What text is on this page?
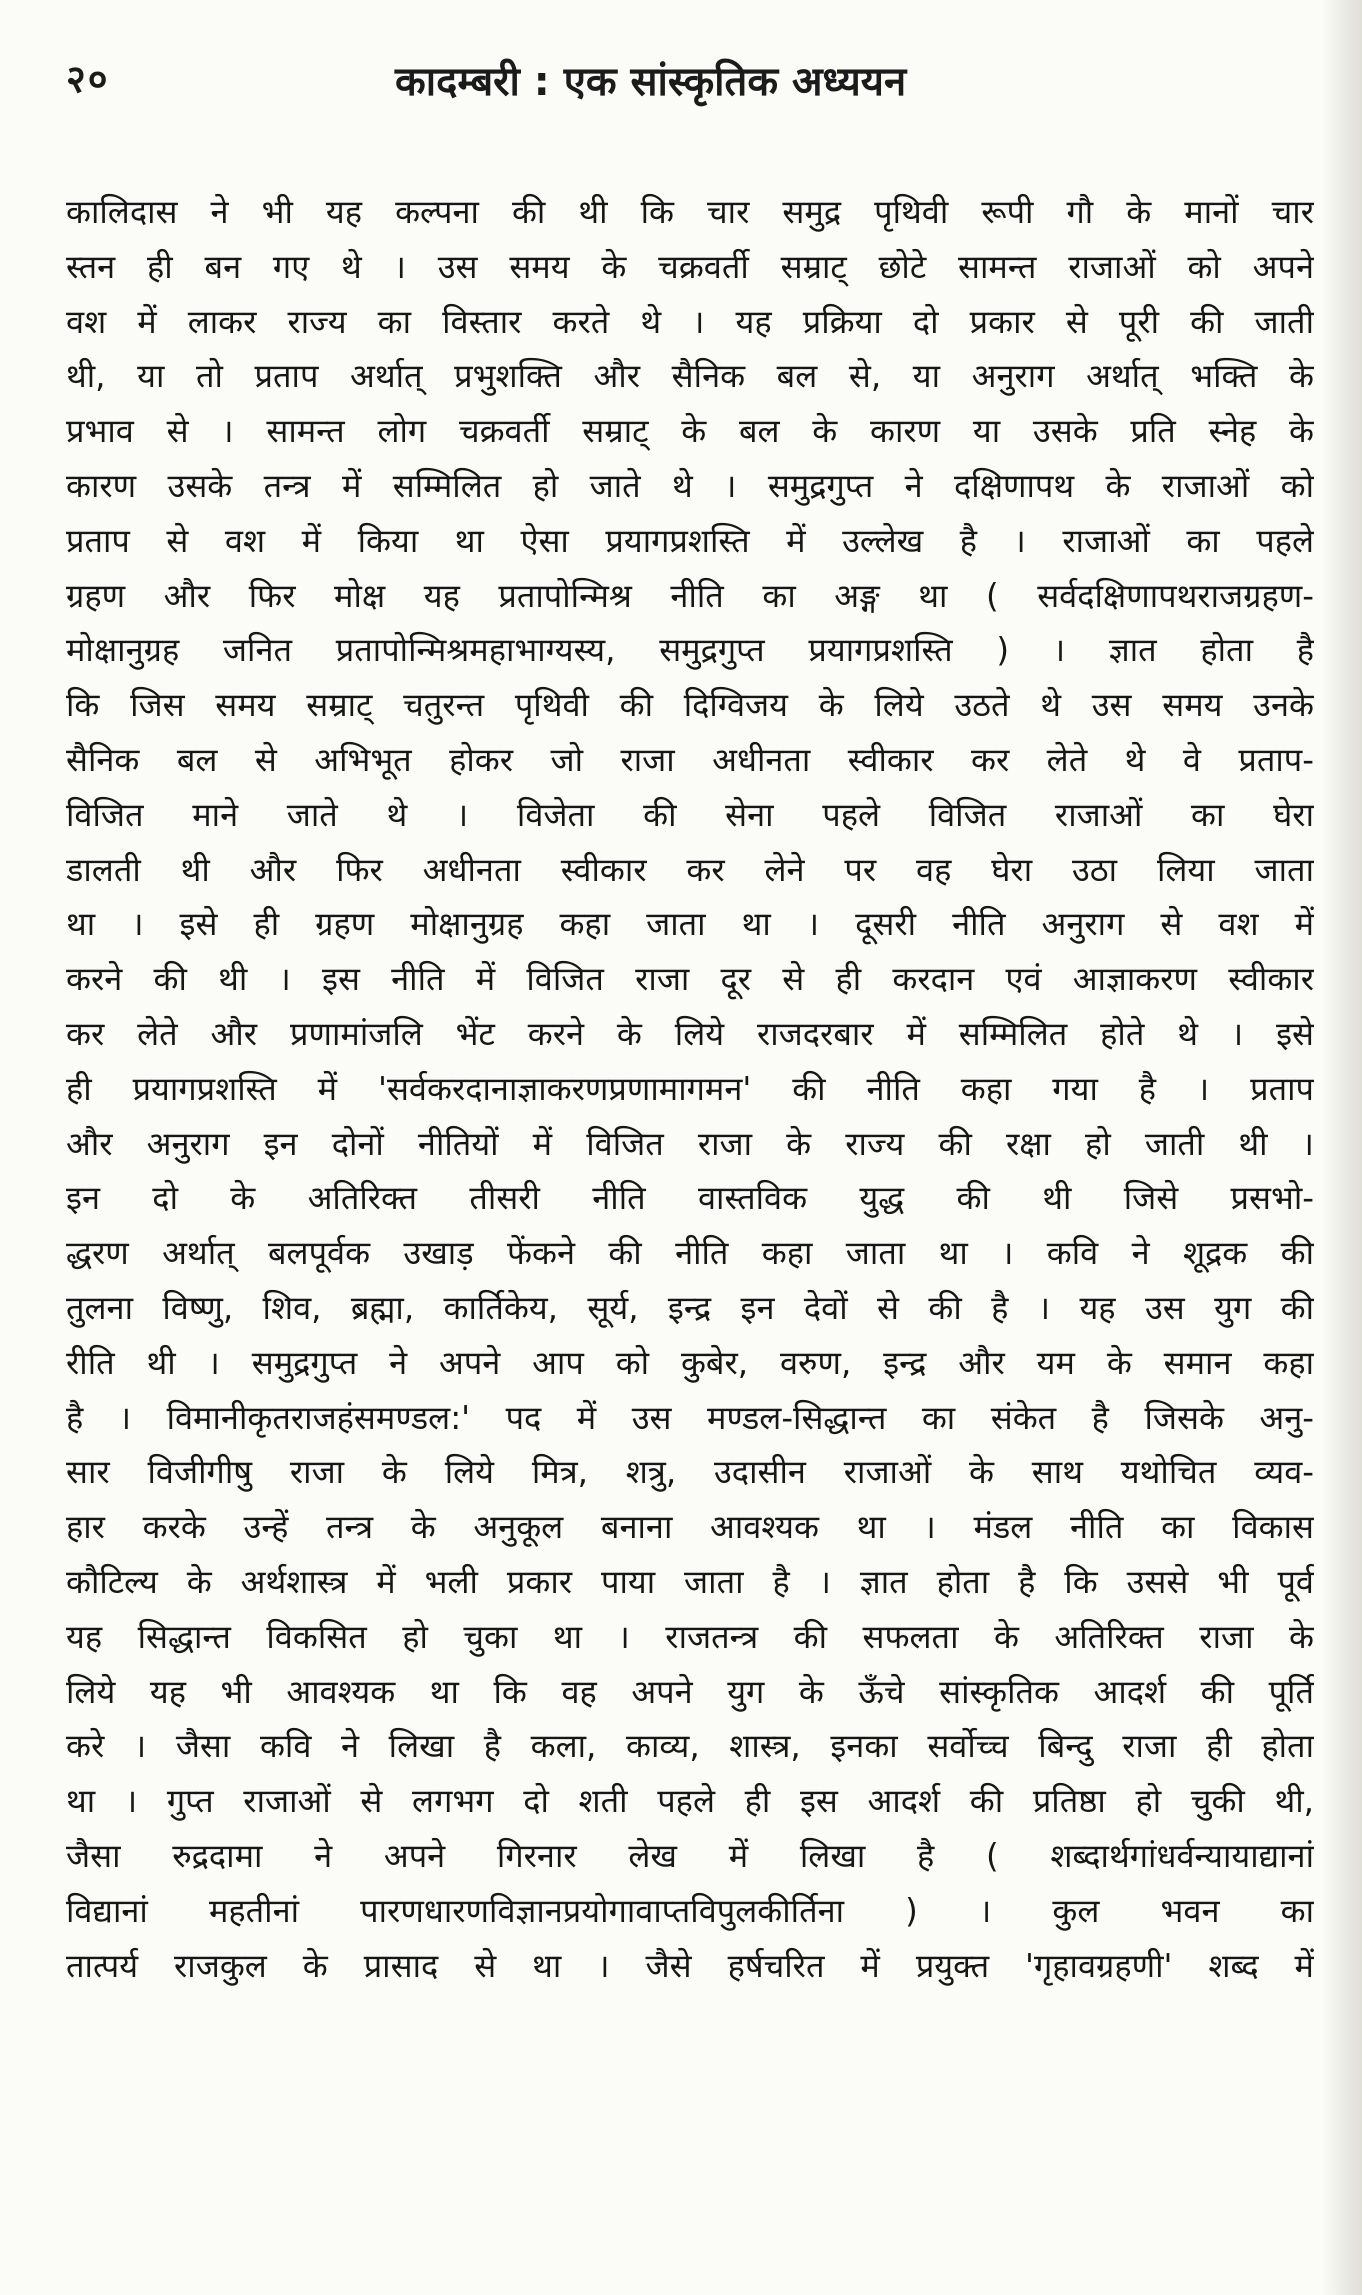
२०	कादम्बरी : एक सांस्कृतिक अध्ययन
कालिदास ने भी यह कल्पना की थी कि चार समुद्र पृथिवी रूपी गौ के मानों चार
स्तन ही बन गए थे । उस समय के चक्रवर्ती सम्राट् छोटे सामन्त राजाओं को अपने
वश में लाकर राज्य का विस्तार करते थे । यह प्रक्रिया दो प्रकार से पूरी की जाती
थी, या तो प्रताप अर्थात् प्रभुशक्ति और सैनिक बल से, या अनुराग अर्थात् भक्ति के
प्रभाव से । सामन्त लोग चक्रवर्ती सम्राट् के बल के कारण या उसके प्रति स्नेह के
कारण उसके तन्त्र में सम्मिलित हो जाते थे । समुद्रगुप्त ने दक्षिणापथ के राजाओं को
प्रताप से वश में किया था ऐसा प्रयागप्रशस्ति में उल्लेख है । राजाओं का पहले
ग्रहण और फिर मोक्ष यह प्रतापोन्मिश्र नीति का अङ्ग था ( सर्वदक्षिणापथराजग्रहण-
मोक्षानुग्रह जनित प्रतापोन्मिश्रमहाभाग्यस्य, समुद्रगुप्त प्रयागप्रशस्ति ) । ज्ञात होता है
कि जिस समय सम्राट् चतुरन्त पृथिवी की दिग्विजय के लिये उठते थे उस समय उनके
सैनिक बल से अभिभूत होकर जो राजा अधीनता स्वीकार कर लेते थे वे प्रताप-
विजित माने जाते थे । विजेता की सेना पहले विजित राजाओं का घेरा
डालती थी और फिर अधीनता स्वीकार कर लेने पर वह घेरा उठा लिया जाता
था । इसे ही ग्रहण मोक्षानुग्रह कहा जाता था । दूसरी नीति अनुराग से वश में
करने की थी । इस नीति में विजित राजा दूर से ही करदान एवं आज्ञाकरण स्वीकार
कर लेते और प्रणामांजलि भेंट करने के लिये राजदरबार में सम्मिलित होते थे । इसे
ही प्रयागप्रशस्ति में 'सर्वकरदानाज्ञाकरणप्रणामागमन' की नीति कहा गया है । प्रताप
और अनुराग इन दोनों नीतियों में विजित राजा के राज्य की रक्षा हो जाती थी ।
इन दो के अतिरिक्त तीसरी नीति वास्तविक युद्ध की थी जिसे प्रसभो-
द्धरण अर्थात् बलपूर्वक उखाड़ फेंकने की नीति कहा जाता था । कवि ने शूद्रक की
तुलना विष्णु, शिव, ब्रह्मा, कार्तिकेय, सूर्य, इन्द्र इन देवों से की है । यह उस युग की
रीति थी । समुद्रगुप्त ने अपने आप को कुबेर, वरुण, इन्द्र और यम के समान कहा
है । विमानीकृतराजहंसमण्डल:' पद में उस मण्डल-सिद्धान्त का संकेत है जिसके अनु-
सार विजीगीषु राजा के लिये मित्र, शत्रु, उदासीन राजाओं के साथ यथोचित व्यव-
हार करके उन्हें तन्त्र के अनुकूल बनाना आवश्यक था । मंडल नीति का विकास
कौटिल्य के अर्थशास्त्र में भली प्रकार पाया जाता है । ज्ञात होता है कि उससे भी पूर्व
यह सिद्धान्त विकसित हो चुका था । राजतन्त्र की सफलता के अतिरिक्त राजा के
लिये यह भी आवश्यक था कि वह अपने युग के ऊँचे सांस्कृतिक आदर्श की पूर्ति
करे । जैसा कवि ने लिखा है कला, काव्य, शास्त्र, इनका सर्वोच्च बिन्दु राजा ही होता
था । गुप्त राजाओं से लगभग दो शती पहले ही इस आदर्श की प्रतिष्ठा हो चुकी थी,
जैसा रुद्रदामा ने अपने गिरनार लेख में लिखा है ( शब्दार्थगांधर्वन्यायाद्यानां
विद्यानां महतीनां पारणधारणविज्ञानप्रयोगावाप्तविपुलकीर्तिना ) । कुल भवन का
तात्पर्य राजकुल के प्रासाद से था । जैसे हर्षचरित में प्रयुक्त 'गृहावग्रहणी' शब्द में
